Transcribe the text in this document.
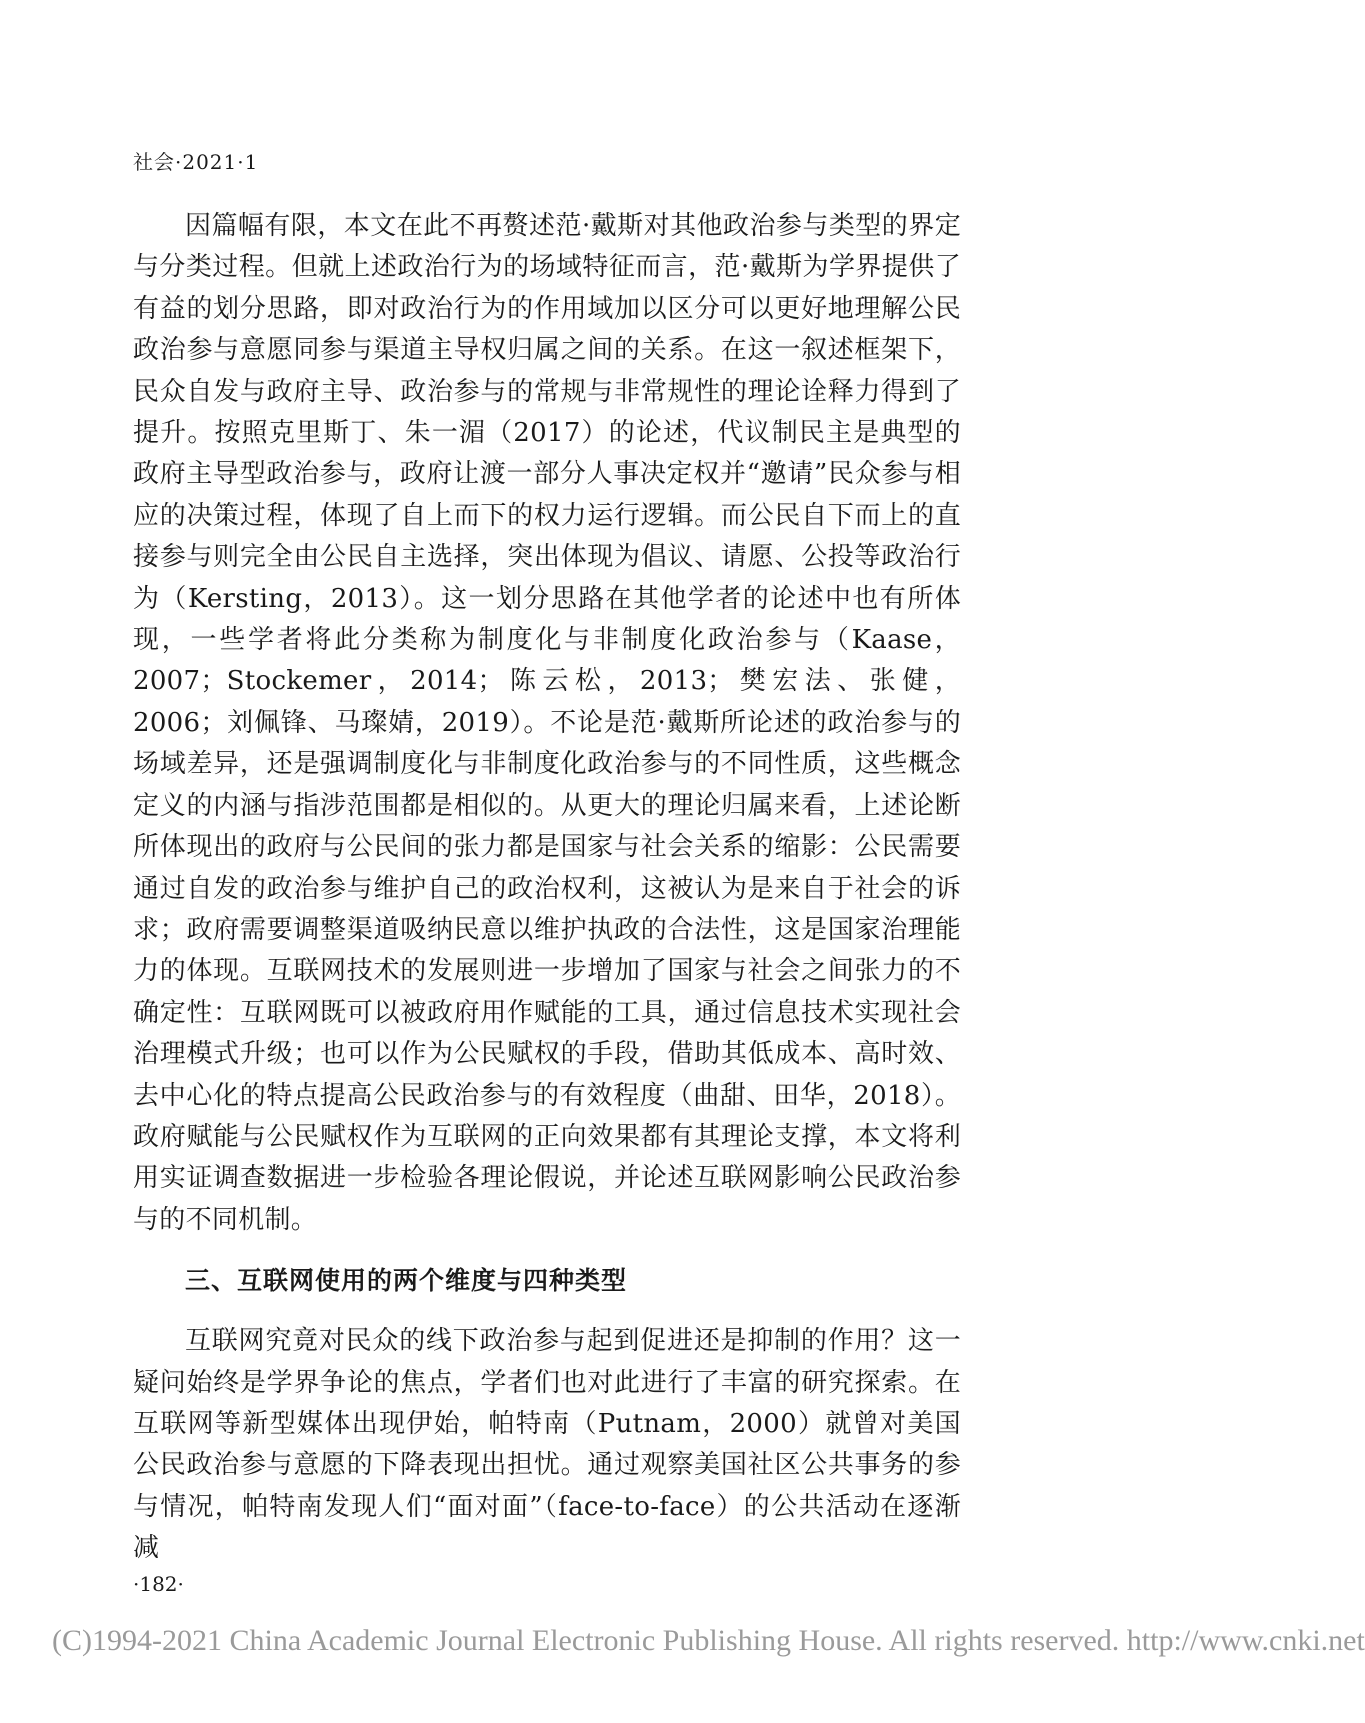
社会·2021·1

因篇幅有限，本文在此不再赘述范·戴斯对其他政治参与类型的界定与分类过程。但就上述政治行为的场域特征而言，范·戴斯为学界提供了有益的划分思路，即对政治行为的作用域加以区分可以更好地理解公民政治参与意愿同参与渠道主导权归属之间的关系。在这一叙述框架下，民众自发与政府主导、政治参与的常规与非常规性的理论诠释力得到了提升。按照克里斯丁、朱一湄（2017）的论述，代议制民主是典型的政府主导型政治参与，政府让渡一部分人事决定权并“邀请”民众参与相应的决策过程，体现了自上而下的权力运行逻辑。而公民自下而上的直接参与则完全由公民自主选择，突出体现为倡议、请愿、公投等政治行为（Kersting，2013）。这一划分思路在其他学者的论述中也有所体现，一些学者将此分类称为制度化与非制度化政治参与（Kaase，2007；Stockemer，2014；陈云松，2013；樊宏法、张健，2006；刘佩锋、马璨婧，2019）。不论是范·戴斯所论述的政治参与的场域差异，还是强调制度化与非制度化政治参与的不同性质，这些概念定义的内涵与指涉范围都是相似的。从更大的理论归属来看，上述论断所体现出的政府与公民间的张力都是国家与社会关系的缩影：公民需要通过自发的政治参与维护自己的政治权利，这被认为是来自于社会的诉求；政府需要调整渠道吸纳民意以维护执政的合法性，这是国家治理能力的体现。互联网技术的发展则进一步增加了国家与社会之间张力的不确定性：互联网既可以被政府用作赋能的工具，通过信息技术实现社会治理模式升级；也可以作为公民赋权的手段，借助其低成本、高时效、去中心化的特点提高公民政治参与的有效程度（曲甜、田华，2018）。政府赋能与公民赋权作为互联网的正向效果都有其理论支撑，本文将利用实证调查数据进一步检验各理论假说，并论述互联网影响公民政治参与的不同机制。

三、互联网使用的两个维度与四种类型

互联网究竟对民众的线下政治参与起到促进还是抑制的作用？这一疑问始终是学界争论的焦点，学者们也对此进行了丰富的研究探索。在互联网等新型媒体出现伊始，帕特南（Putnam，2000）就曾对美国公民政治参与意愿的下降表现出担忧。通过观察美国社区公共事务的参与情况，帕特南发现人们“面对面”（face-to-face）的公共活动在逐渐减

·182·
(C)1994-2021 China Academic Journal Electronic Publishing House. All rights reserved. http://www.cnki.net
